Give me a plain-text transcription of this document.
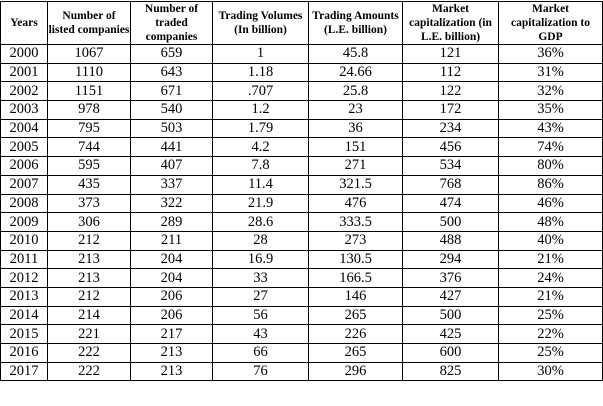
Years	Number of listed companies	Number of traded companies	Trading Volumes (In billion)	Trading Amounts (L.E. billion)	Market capitalization (in L.E. billion)	Market capitalization to GDP
2000	1067	659	1	45.8	121	36%
2001	1110	643	1.18	24.66	112	31%
2002	1151	671	.707	25.8	122	32%
2003	978	540	1.2	23	172	35%
2004	795	503	1.79	36	234	43%
2005	744	441	4.2	151	456	74%
2006	595	407	7.8	271	534	80%
2007	435	337	11.4	321.5	768	86%
2008	373	322	21.9	476	474	46%
2009	306	289	28.6	333.5	500	48%
2010	212	211	28	273	488	40%
2011	213	204	16.9	130.5	294	21%
2012	213	204	33	166.5	376	24%
2013	212	206	27	146	427	21%
2014	214	206	56	265	500	25%
2015	221	217	43	226	425	22%
2016	222	213	66	265	600	25%
2017	222	213	76	296	825	30%
